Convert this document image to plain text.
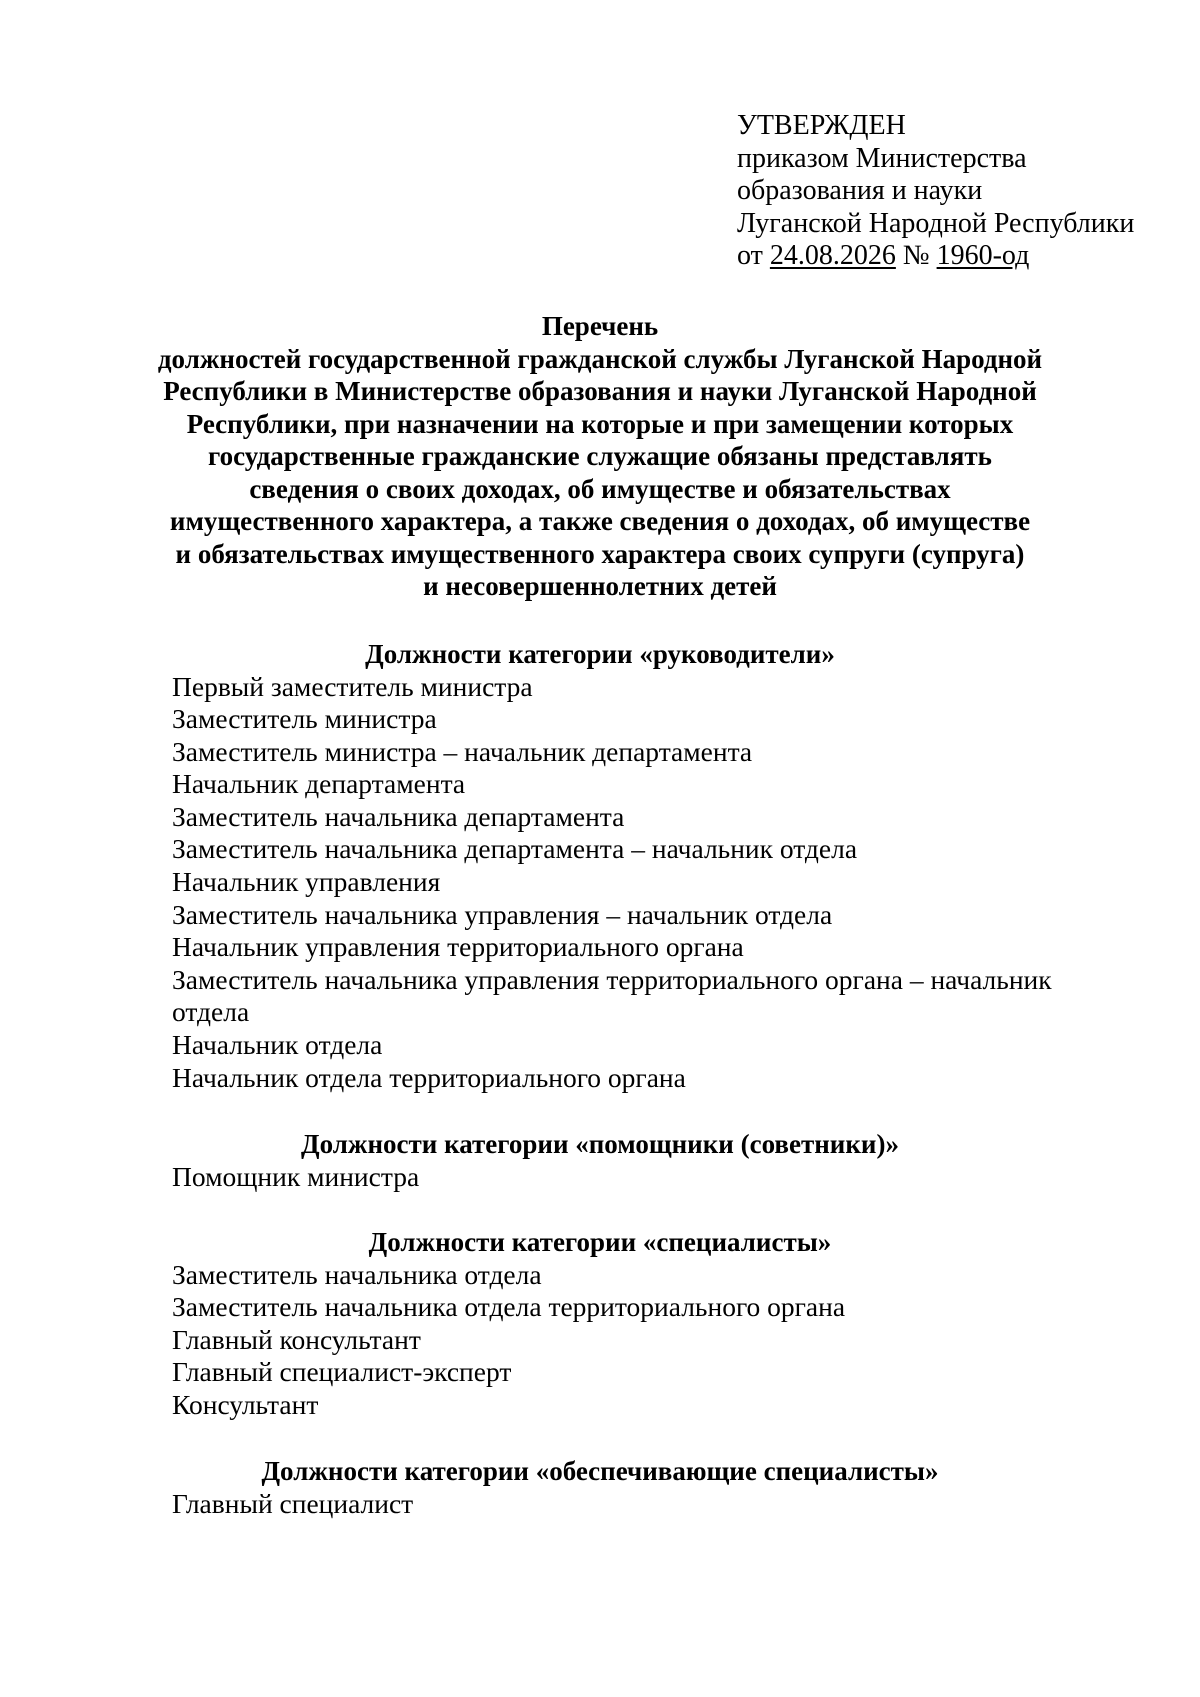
УТВЕРЖДЕН
приказом Министерства
образования и науки
Луганской Народной Республики
от 24.08.2026 № 1960-од
Перечень
должностей государственной гражданской службы Луганской Народной
Республики в Министерстве образования и науки Луганской Народной
Республики, при назначении на которые и при замещении которых
государственные гражданские служащие обязаны представлять
сведения о своих доходах, об имуществе и обязательствах
имущественного характера, а также сведения о доходах, об имуществе
и обязательствах имущественного характера своих супруги (супруга)
и несовершеннолетних детей
Должности категории «руководители»
Первый заместитель министра
Заместитель министра
Заместитель министра – начальник департамента
Начальник департамента
Заместитель начальника департамента
Заместитель начальника департамента – начальник отдела
Начальник управления
Заместитель начальника управления – начальник отдела
Начальник управления территориального органа
Заместитель начальника управления территориального органа – начальник
отдела
Начальник отдела
Начальник отдела территориального органа
Должности категории «помощники (советники)»
Помощник министра
Должности категории «специалисты»
Заместитель начальника отдела
Заместитель начальника отдела территориального органа
Главный консультант
Главный специалист-эксперт
Консультант
Должности категории «обеспечивающие специалисты»
Главный специалист
